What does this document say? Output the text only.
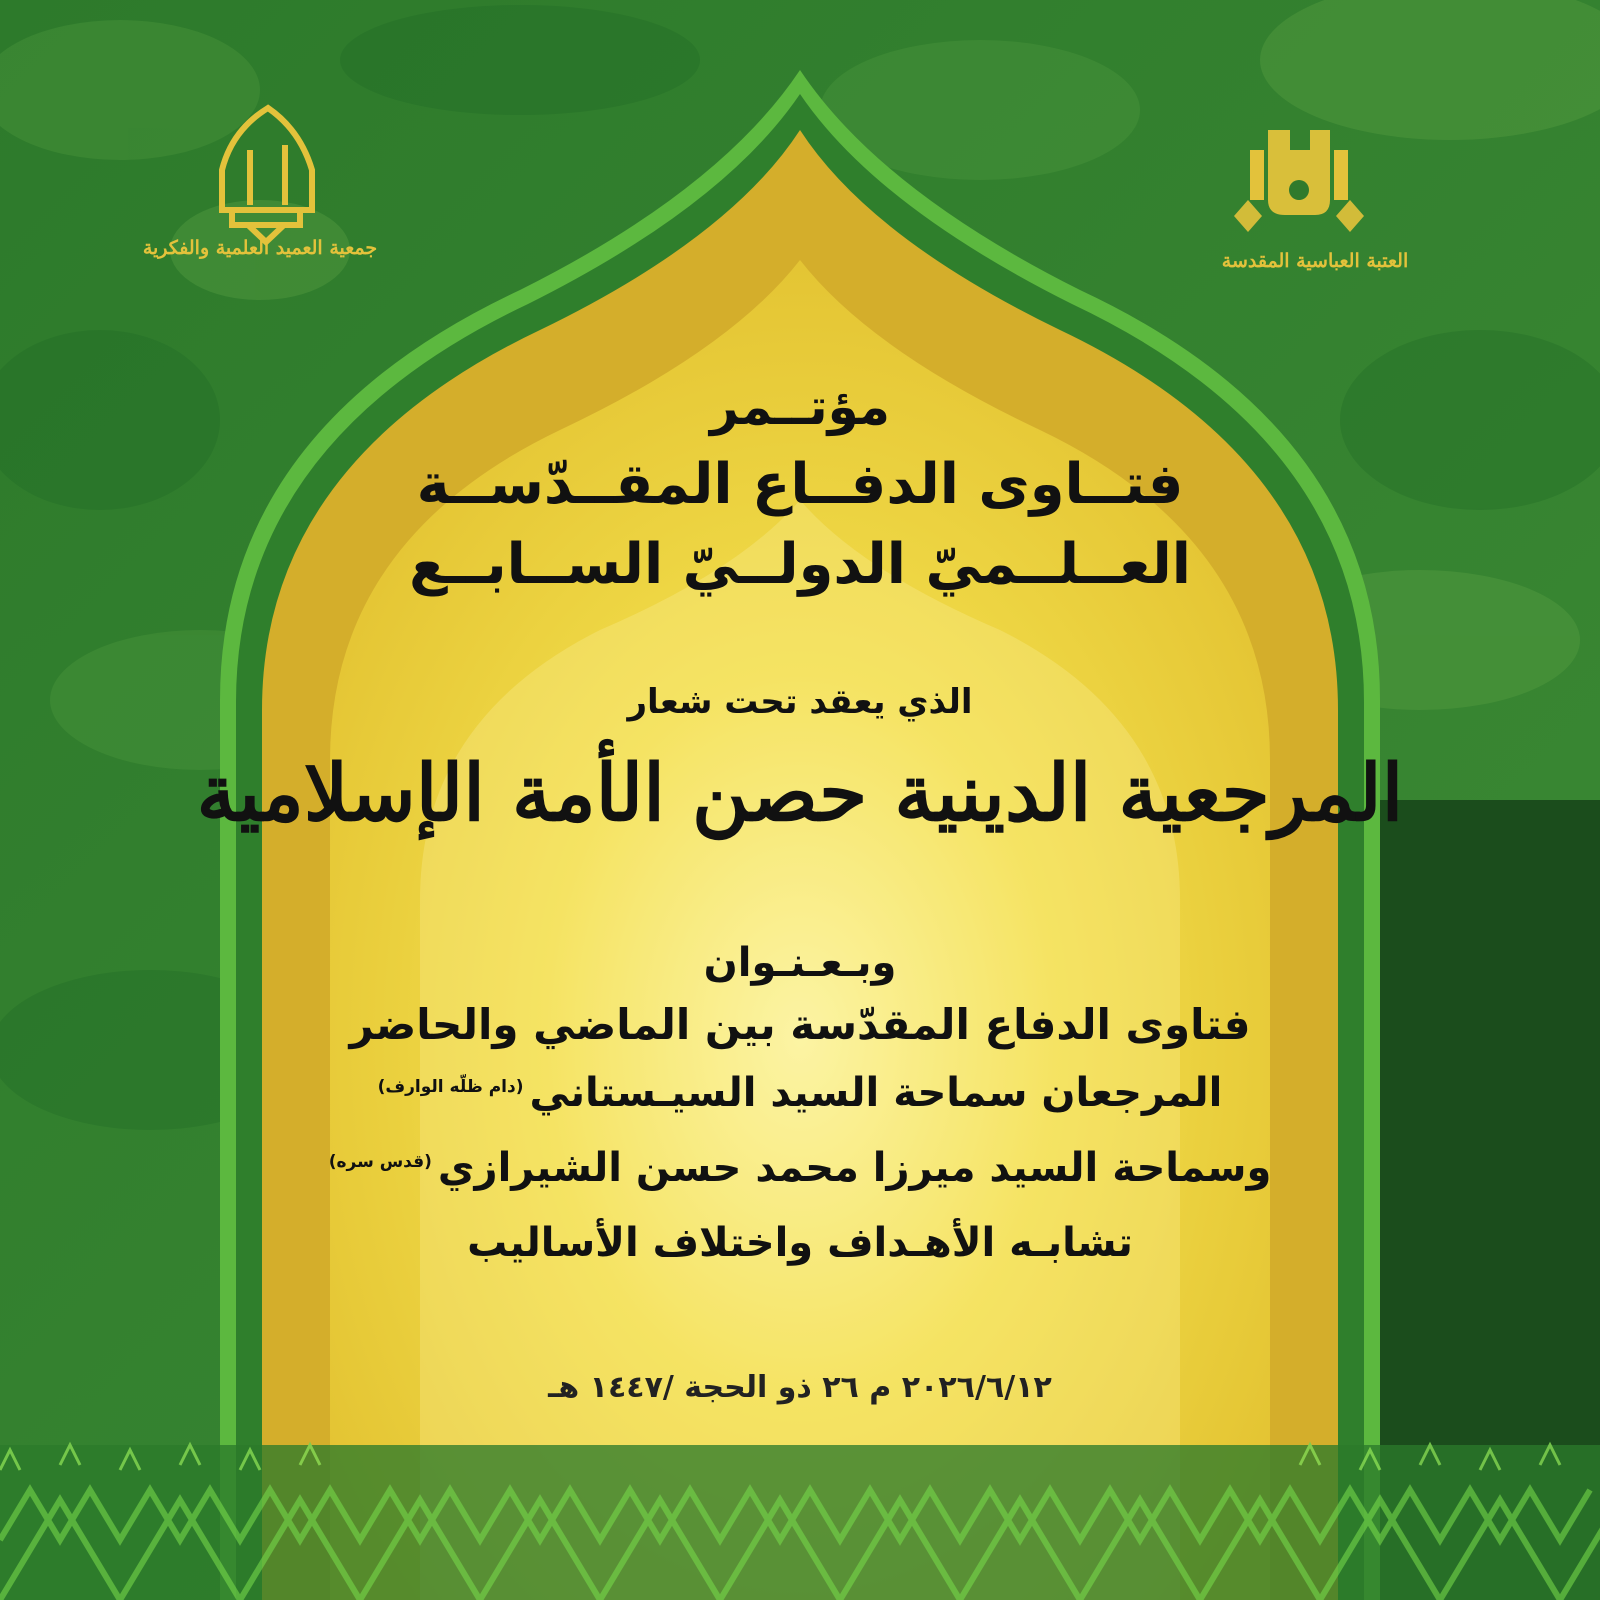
جمعية العميد العلمية والفكرية
العتبة العباسية المقدسة
مؤتــمر
فتــاوى الدفــاع المقــدّســة
العــلــميّ الدولــيّ الســابــع
الذي يعقد تحت شعار
المرجعية الدينية حصن الأمة الإسلامية
وبـعـنـوان
فتاوى الدفاع المقدّسة بين الماضي والحاضر
المرجعان سماحة السيد السيـستاني$^{(دام ظلّه الوارف)}$
وسماحة السيد ميرزا محمد حسن الشيرازي$^{(قدس سره)}$
تشابـه الأهـداف واختلاف الأساليب
٢٠٢٦/٦/١٢ م ٢٦ ذو الحجة /١٤٤٧ هـ
